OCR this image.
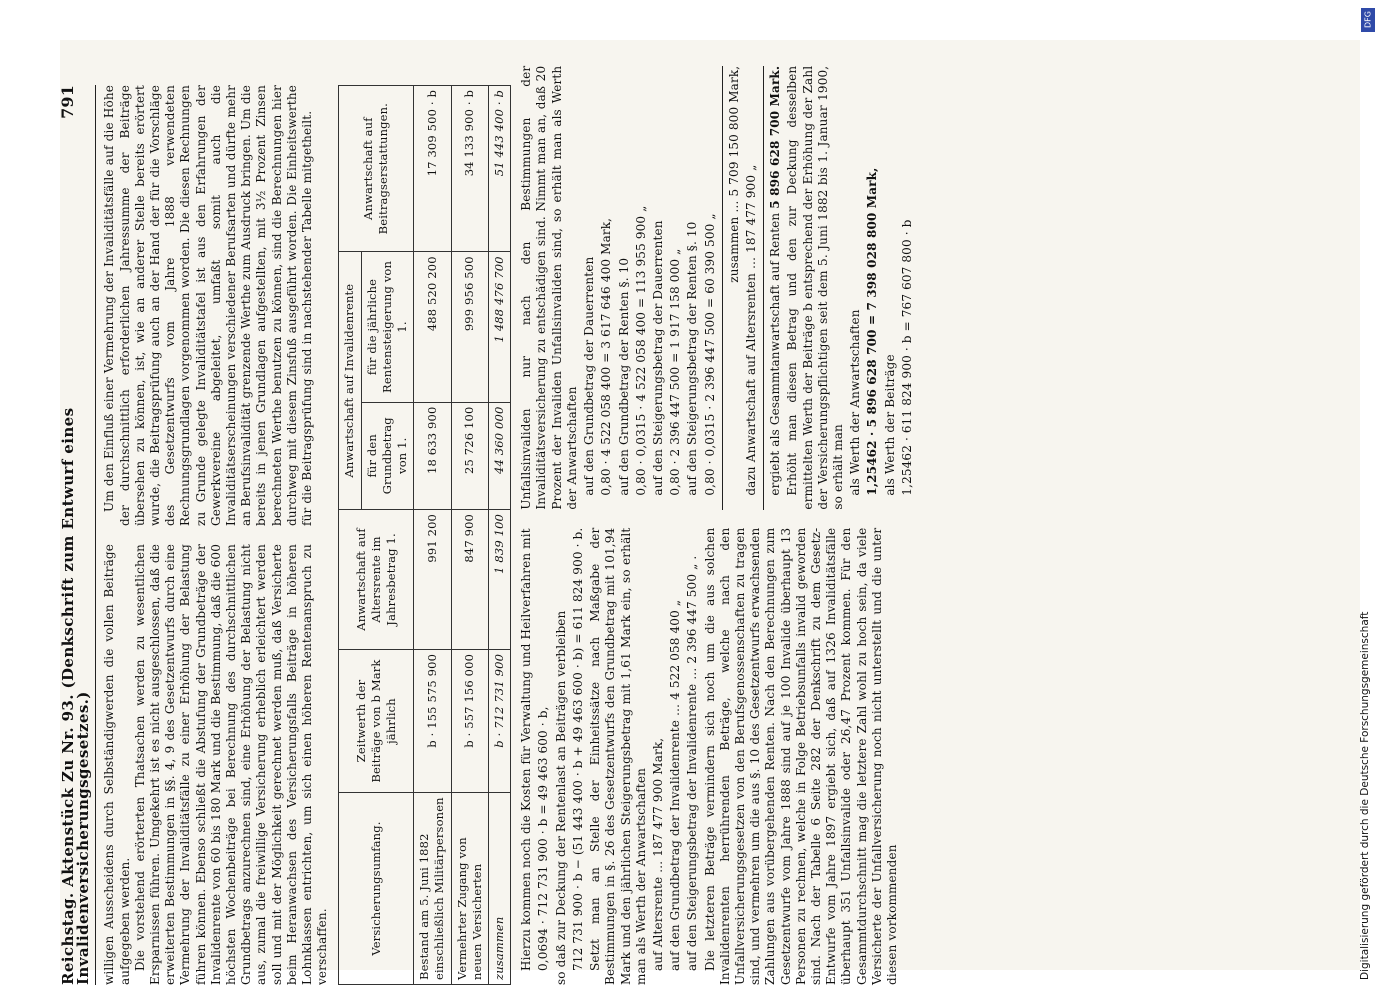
Reichstag. Aktenstück Zu Nr. 93. (Denkschrift zum Entwurf eines Invalidenversicherungsgesetzes.)
791

willigen Ausscheidens durch Selbständigwerden die vollen Beiträge aufgegeben werden. Die vorstehend erörterten Thatsachen werden zu wesentlichen Ersparnissen führen. Umgekehrt ist es nicht ausgeschlossen, daß die erweiterten Bestimmungen in §§. 4, 9 des Gesetzentwurfs durch eine Vermehrung der Invaliditätsfälle zu einer Erhöhung der Belastung führen können. Ebenso schließt die Abstufung der Grundbeträge der Invalidenrente von 60 bis 180 Mark und die Bestimmung, daß die 600 höchsten Wochenbeiträge bei Berechnung des durchschnittlichen Grundbetrags anzurechnen sind, eine Erhöhung der Belastung nicht aus, zumal die freiwillige Versicherung erheblich erleichtert werden soll und mit der Möglichkeit gerechnet werden muß, daß Versicherte beim Heranwachsen des Versicherungsfalls Beiträge in höheren Lohnklassen entrichten, um sich einen höheren Rentenanspruch zu verschaffen.

Um den Einfluß einer Vermehrung der Invaliditätsfälle auf die Höhe der durchschnittlich erforderlichen Jahressumme der Beiträge übersehen zu können, ist, wie an anderer Stelle bereits erörtert wurde, die Beitragsprüfung auch an der Hand der für die Vorschläge des Gesetzentwurfs vom Jahre 1888 verwendeten Rechnungsgrundlagen vorgenommen worden. Die diesen Rechnungen zu Grunde gelegte Invaliditätstafel ist aus den Erfahrungen der Gewerkvereine abgeleitet, umfaßt somit auch die Invaliditätserscheinungen verschiedener Berufsarten und dürfte mehr an Berufsinvalidität grenzende Werthe zum Ausdruck bringen. Um die bereits in jenen Grundlagen aufgestellten, mit 3½ Prozent Zinsen berechneten Werthe benutzen zu können, sind die Berechnungen hier durchweg mit diesem Zinsfuß ausgeführt worden. Die Einheitswerthe für die Beitragsprüfung sind in nachstehender Tabelle mitgetheilt.

Versicherungsumfang.	Zeitwerth der Beiträge von b Mark jährlich	Anwartschaft auf Altersrente im Jahresbetrag 1.	Anwartschaft auf Invalidenrente		Anwartschaft auf Beitragserstattungen.
			für den Grundbetrag von 1.	für die jährliche Rentensteigerung von 1.	
Bestand am 5. Juni 1882 einschließlich Militärpersonen	b · 155 575 900	991 200	18 633 900	488 520 200	17 309 500 · b
Vermehrter Zugang von neuen Versicherten	b · 557 156 000	847 900	25 726 100	999 956 500	34 133 900 · b
zusammen	b · 712 731 900	1 839 100	44 360 000	1 488 476 700	51 443 400 · b

Hierzu kommen noch die Kosten für Verwaltung und Heilverfahren mit 0,0694 · 712 731 900 · b = 49 463 600 · b, so daß zur Deckung der Rentenlast an Beiträgen verbleiben 712 731 900 · b − (51 443 400 · b + 49 463 600 · b) = 611 824 900 · b. Setzt man an Stelle der Einheitssätze nach Maßgabe der Bestimmungen in §. 26 des Gesetzentwurfs den Grundbetrag mit 101,94 Mark und den jährlichen Steigerungsbetrag mit 1,61 Mark ein, so erhält man als Werth der Anwartschaften auf Altersrente … 187 477 900 Mark, auf den Grundbetrag der Invalidenrente … 4 522 058 400 „
auf den Steigerungsbetrag der Invalidenrente … 2 396 447 500 „ . Die letzteren Beträge vermindern sich noch um die aus solchen Invalidenrenten herrührenden Beträge, welche nach den Unfallversicherungsgesetzen von den Berufsgenossenschaften zu tragen sind, und vermehren um die aus §. 10 des Gesetzentwurfs erwachsenden Zahlungen aus vorübergehenden Renten. Nach den Berechnungen zum Gesetzentwurfe vom Jahre 1888 sind auf je 100 Invalide überhaupt 13 Personen zu rechnen, welche in Folge Betriebsunfalls invalid geworden sind. Nach der Tabelle 6 Seite 282 der Denkschrift zu dem Gesetz-Entwurfe vom Jahre 1897 ergiebt sich, daß auf 1326 Invaliditätsfälle überhaupt 351 Unfallsinvalide oder 26,47 Prozent kommen. Für den Gesammtdurchschnitt mag die letztere Zahl wohl zu hoch sein, da viele Versicherte der Unfallversicherung noch nicht unterstellt und die unter diesen vorkommenden

Unfallsinvaliden nur nach den Bestimmungen der Invaliditätsversicherung zu entschädigen sind. Nimmt man an, daß 20 Prozent der Invaliden Unfallsinvaliden sind, so erhält man als Werth der Anwartschaften auf den Grundbetrag der Dauerrenten 0,80 · 4 522 058 400 = 3 617 646 400 Mark, auf den Grundbetrag der Renten §. 10 0,80 · 0,0315 · 4 522 058 400 = 113 955 900 „ auf den Steigerungsbetrag der Dauerrenten 0,80 · 2 396 447 500 = 1 917 158 000 „ auf den Steigerungsbetrag der Renten §. 10 0,80 · 0,0315 · 2 396 447 500 = 60 390 500 „ zusammen … 5 709 150 800 Mark,
dazu Anwartschaft auf Altersrenten … 187 477 900 „
ergiebt als Gesammtanwartschaft auf Renten 5 896 628 700 Mark. Erhöht man diesen Betrag und den zur Deckung desselben ermittelten Werth der Beiträge b entsprechend der Erhöhung der Zahl der Versicherungspflichtigen seit dem 5. Juni 1882 bis 1. Januar 1900, so erhält man als Werth der Anwartschaften 1,25462 · 5 896 628 700 = 7 398 028 800 Mark, als Werth der Beiträge 1,25462 · 611 824 900 · b = 767 607 800 · b
Digitalisierung gefördert durch die Deutsche Forschungsgemeinschaft
DFG
